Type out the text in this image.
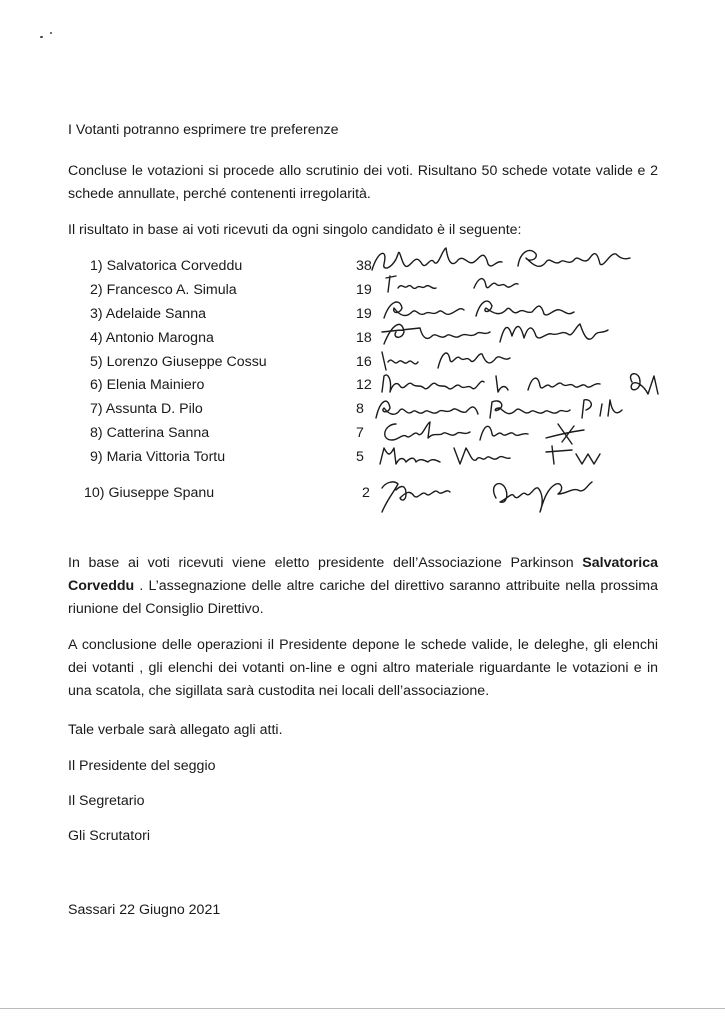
I Votanti potranno esprimere tre preferenze

Concluse le votazioni si procede allo scrutinio dei voti. Risultano 50 schede votate valide e 2 schede annullate, perché contenenti irregolarità.

Il risultato in base ai voti ricevuti da ogni singolo candidato è il seguente:
1) Salvatorica Corveddu	38
2) Francesco A. Simula	19
3) Adelaide Sanna	19
4) Antonio Marogna	18
5) Lorenzo Giuseppe Cossu	16
6) Elenia Mainiero	12
7) Assunta D. Pilo	8
8) Catterina Sanna	7
9) Maria Vittoria Tortu	5
10) Giuseppe Spanu	2

In base ai voti ricevuti viene eletto presidente dell’Associazione Parkinson Salvatorica Corveddu . L’assegnazione delle altre cariche del direttivo saranno attribuite nella prossima riunione del Consiglio Direttivo.

A conclusione delle operazioni il Presidente depone le schede valide, le deleghe, gli elenchi dei votanti , gli elenchi dei votanti on-line e ogni altro materiale riguardante le votazioni e in una scatola, che sigillata sarà custodita nei locali dell’associazione.

Tale verbale sarà allegato agli atti.
Il Presidente del seggio
Il Segretario
Gli Scrutatori
Sassari 22 Giugno 2021
